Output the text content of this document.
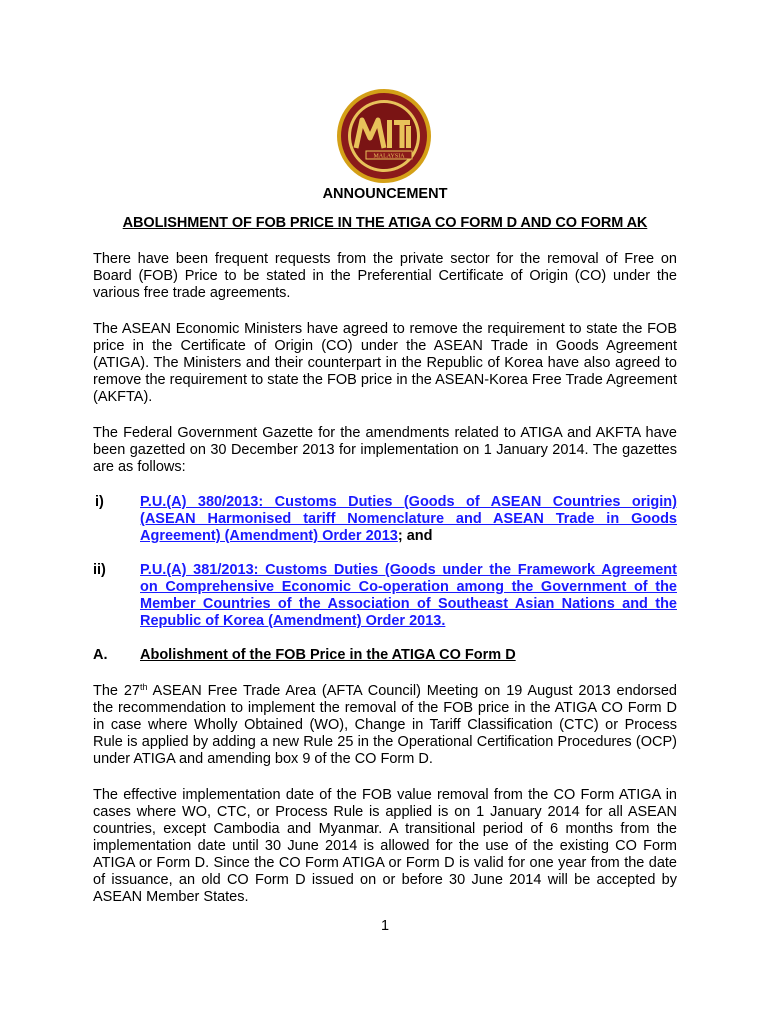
MALAYSIA
ANNOUNCEMENT
ABOLISHMENT OF FOB PRICE IN THE ATIGA CO FORM D AND CO FORM AK

There have been frequent requests from the private sector for the removal of Free on Board (FOB) Price to be stated in the Preferential Certificate of Origin (CO) under the various free trade agreements.

The ASEAN Economic Ministers have agreed to remove the requirement to state the FOB price in the Certificate of Origin (CO) under the ASEAN Trade in Goods Agreement (ATIGA). The Ministers and their counterpart in the Republic of Korea have also agreed to remove the requirement to state the FOB price in the ASEAN-Korea Free Trade Agreement (AKFTA).

The Federal Government Gazette for the amendments related to ATIGA and AKFTA have been gazetted on 30 December 2013 for implementation on 1 January 2014. The gazettes are as follows:

i)	P.U.(A) 380/2013: Customs Duties (Goods of ASEAN Countries origin) (ASEAN Harmonised tariff Nomenclature and ASEAN Trade in Goods Agreement) (Amendment) Order 2013; and
ii)	P.U.(A) 381/2013: Customs Duties (Goods under the Framework Agreement on Comprehensive Economic Co-operation among the Government of the Member Countries of the Association of Southeast Asian Nations and the Republic of Korea (Amendment) Order 2013.
A.	Abolishment of the FOB Price in the ATIGA CO Form D

The 27th ASEAN Free Trade Area (AFTA Council) Meeting on 19 August 2013 endorsed the recommendation to implement the removal of the FOB price in the ATIGA CO Form D in case where Wholly Obtained (WO), Change in Tariff Classification (CTC) or Process Rule is applied by adding a new Rule 25 in the Operational Certification Procedures (OCP) under ATIGA and amending box 9 of the CO Form D.

The effective implementation date of the FOB value removal from the CO Form ATIGA in cases where WO, CTC, or Process Rule is applied is on 1 January 2014 for all ASEAN countries, except Cambodia and Myanmar. A transitional period of 6 months from the implementation date until 30 June 2014 is allowed for the use of the existing CO Form ATIGA or Form D. Since the CO Form ATIGA or Form D is valid for one year from the date of issuance, an old CO Form D issued on or before 30 June 2014 will be accepted by ASEAN Member States.

1
